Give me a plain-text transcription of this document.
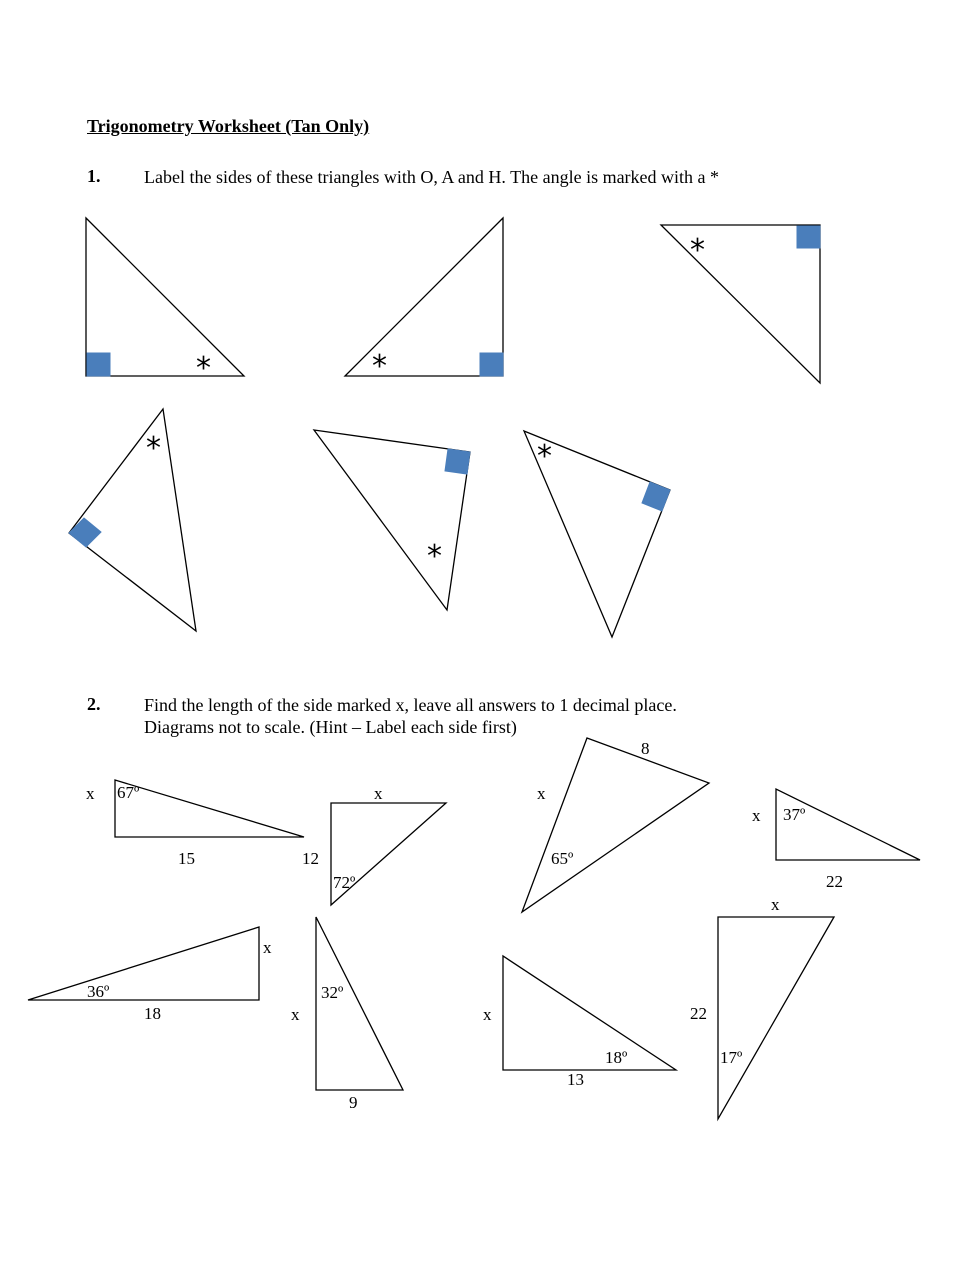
Trigonometry Worksheet (Tan Only)
1. Label the sides of these triangles with O, A and H. The angle is marked with a *
2. Find the length of the side marked x, leave all answers to 1 decimal place.
Diagrams not to scale. (Hint – Label each side first)
*	*
*
*
*
*
x 67º
15
x
12
72º
8
x
65º
x 37º
22
x
36º
18
32º
x
9
x
18º
13
x
22
17º
